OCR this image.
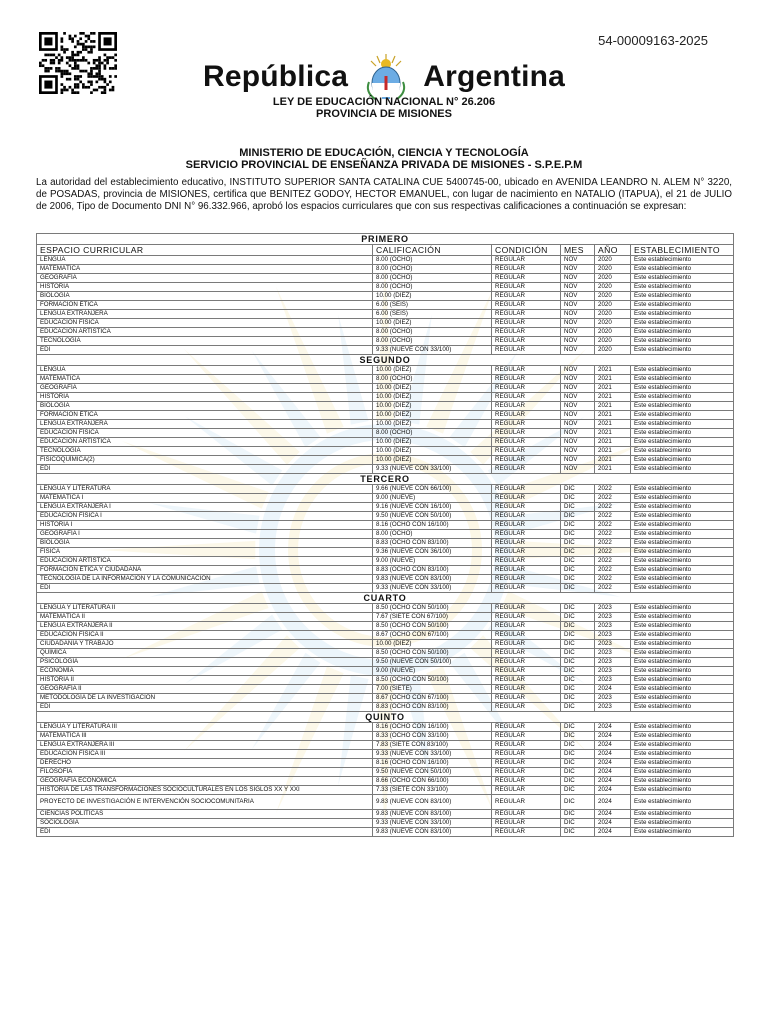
54-00009163-2025
República	Argentina
LEY DE EDUCACIÓN NACIONAL N° 26.206
PROVINCIA DE MISIONES
MINISTERIO DE EDUCACIÓN, CIENCIA Y TECNOLOGÍA
SERVICIO PROVINCIAL DE ENSEÑANZA PRIVADA DE MISIONES - S.P.E.P.M
La autoridad del establecimiento educativo, INSTITUTO SUPERIOR SANTA CATALINA CUE 5400745-00, ubicado en AVENIDA LEANDRO N. ALEM N° 3220, de POSADAS, provincia de MISIONES, certifica que BENITEZ GODOY, HECTOR EMANUEL, con lugar de nacimiento en NATALIO (ITAPUA), el 21 de JULIO de 2006, Tipo de Documento DNI N° 96.332.966, aprobó los espacios curriculares que con sus respectivas calificaciones a continuación se expresan:
PRIMERO					
ESPACIO CURRICULAR	CALIFICACIÓN	CONDICIÓN	MES	AÑO	ESTABLECIMIENTO
LENGUA	8.00 (OCHO)	REGULAR	NOV	2020	Este establecimiento
MATEMÁTICA	8.00 (OCHO)	REGULAR	NOV	2020	Este establecimiento
GEOGRAFÍA	8.00 (OCHO)	REGULAR	NOV	2020	Este establecimiento
HISTORIA	8.00 (OCHO)	REGULAR	NOV	2020	Este establecimiento
BIOLOGÍA	10.00 (DIEZ)	REGULAR	NOV	2020	Este establecimiento
FORMACIÓN ÉTICA	6.00 (SEIS)	REGULAR	NOV	2020	Este establecimiento
LENGUA EXTRANJERA	6.00 (SEIS)	REGULAR	NOV	2020	Este establecimiento
EDUCACIÓN FÍSICA	10.00 (DIEZ)	REGULAR	NOV	2020	Este establecimiento
EDUCACIÓN ARTÍSTICA	8.00 (OCHO)	REGULAR	NOV	2020	Este establecimiento
TECNOLOGÍA	8.00 (OCHO)	REGULAR	NOV	2020	Este establecimiento
EDI	9.33 (NUEVE CON 33/100)	REGULAR	NOV	2020	Este establecimiento
SEGUNDO					
LENGUA	10.00 (DIEZ)	REGULAR	NOV	2021	Este establecimiento
MATEMÁTICA	8.00 (OCHO)	REGULAR	NOV	2021	Este establecimiento
GEOGRAFÍA	10.00 (DIEZ)	REGULAR	NOV	2021	Este establecimiento
HISTORIA	10.00 (DIEZ)	REGULAR	NOV	2021	Este establecimiento
BIOLOGÍA	10.00 (DIEZ)	REGULAR	NOV	2021	Este establecimiento
FORMACIÓN ÉTICA	10.00 (DIEZ)	REGULAR	NOV	2021	Este establecimiento
LENGUA EXTRANJERA	10.00 (DIEZ)	REGULAR	NOV	2021	Este establecimiento
EDUCACIÓN FÍSICA	8.00 (OCHO)	REGULAR	NOV	2021	Este establecimiento
EDUCACIÓN ARTÍSTICA	10.00 (DIEZ)	REGULAR	NOV	2021	Este establecimiento
TECNOLOGÍA	10.00 (DIEZ)	REGULAR	NOV	2021	Este establecimiento
FISICOQUÍMICA(2)	10.00 (DIEZ)	REGULAR	NOV	2021	Este establecimiento
EDI	9.33 (NUEVE CON 33/100)	REGULAR	NOV	2021	Este establecimiento
TERCERO					
LENGUA Y LITERATURA	9.66 (NUEVE CON 66/100)	REGULAR	DIC	2022	Este establecimiento
MATEMÁTICA I	9.00 (NUEVE)	REGULAR	DIC	2022	Este establecimiento
LENGUA EXTRANJERA I	9.16 (NUEVE CON 16/100)	REGULAR	DIC	2022	Este establecimiento
EDUCACIÓN FÍSICA I	9.50 (NUEVE CON 50/100)	REGULAR	DIC	2022	Este establecimiento
HISTORIA I	8.16 (OCHO CON 16/100)	REGULAR	DIC	2022	Este establecimiento
GEOGRAFÍA I	8.00 (OCHO)	REGULAR	DIC	2022	Este establecimiento
BIOLOGÍA	8.83 (OCHO CON 83/100)	REGULAR	DIC	2022	Este establecimiento
FÍSICA	9.36 (NUEVE CON 36/100)	REGULAR	DIC	2022	Este establecimiento
EDUCACIÓN ARTÍSTICA	9.00 (NUEVE)	REGULAR	DIC	2022	Este establecimiento
FORMACIÓN ÉTICA Y CIUDADANA	8.83 (OCHO CON 83/100)	REGULAR	DIC	2022	Este establecimiento
TECNOLOGÍA DE LA INFORMACIÓN Y LA COMUNICACIÓN	9.83 (NUEVE CON 83/100)	REGULAR	DIC	2022	Este establecimiento
EDI	9.33 (NUEVE CON 33/100)	REGULAR	DIC	2022	Este establecimiento
CUARTO					
LENGUA Y LITERATURA II	8.50 (OCHO CON 50/100)	REGULAR	DIC	2023	Este establecimiento
MATEMÁTICA II	7.67 (SIETE CON 67/100)	REGULAR	DIC	2023	Este establecimiento
LENGUA EXTRANJERA II	8.50 (OCHO CON 50/100)	REGULAR	DIC	2023	Este establecimiento
EDUCACIÓN FÍSICA II	8.67 (OCHO CON 67/100)	REGULAR	DIC	2023	Este establecimiento
CIUDADANÍA Y TRABAJO	10.00 (DIEZ)	REGULAR	DIC	2023	Este establecimiento
QUÍMICA	8.50 (OCHO CON 50/100)	REGULAR	DIC	2023	Este establecimiento
PSICOLOGÍA	9.50 (NUEVE CON 50/100)	REGULAR	DIC	2023	Este establecimiento
ECONOMÍA	9.00 (NUEVE)	REGULAR	DIC	2023	Este establecimiento
HISTORIA II	8.50 (OCHO CON 50/100)	REGULAR	DIC	2023	Este establecimiento
GEOGRAFÍA II	7.00 (SIETE)	REGULAR	DIC	2024	Este establecimiento
METODOLOGÍA DE LA INVESTIGACIÓN	8.67 (OCHO CON 67/100)	REGULAR	DIC	2023	Este establecimiento
EDI	8.83 (OCHO CON 83/100)	REGULAR	DIC	2023	Este establecimiento
QUINTO					
LENGUA Y LITERATURA III	8.16 (OCHO CON 16/100)	REGULAR	DIC	2024	Este establecimiento
MATEMÁTICA III	8.33 (OCHO CON 33/100)	REGULAR	DIC	2024	Este establecimiento
LENGUA EXTRANJERA III	7.83 (SIETE CON 83/100)	REGULAR	DIC	2024	Este establecimiento
EDUCACIÓN FÍSICA III	9.33 (NUEVE CON 33/100)	REGULAR	DIC	2024	Este establecimiento
DERECHO	8.16 (OCHO CON 16/100)	REGULAR	DIC	2024	Este establecimiento
FILOSOFÍA	9.50 (NUEVE CON 50/100)	REGULAR	DIC	2024	Este establecimiento
GEOGRAFÍA ECONÓMICA	8.66 (OCHO CON 66/100)	REGULAR	DIC	2024	Este establecimiento
HISTORIA DE LAS TRANSFORMACIONES SOCIOCULTURALES EN LOS SIGLOS XX Y XXI	7.33 (SIETE CON 33/100)	REGULAR	DIC	2024	Este establecimiento
PROYECTO DE INVESTIGACIÓN E INTERVENCIÓN SOCIOCOMUNITARIA	9.83 (NUEVE CON 83/100)	REGULAR	DIC	2024	Este establecimiento
CIENCIAS POLÍTICAS	9.83 (NUEVE CON 83/100)	REGULAR	DIC	2024	Este establecimiento
SOCIOLOGÍA	9.33 (NUEVE CON 33/100)	REGULAR	DIC	2024	Este establecimiento
EDI	9.83 (NUEVE CON 83/100)	REGULAR	DIC	2024	Este establecimiento
